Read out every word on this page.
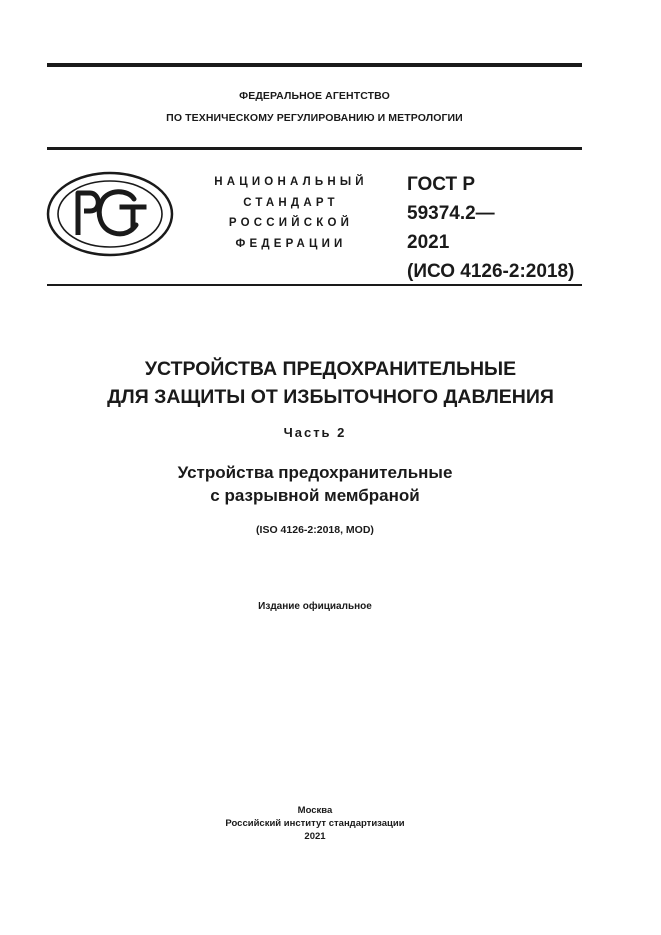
ФЕДЕРАЛЬНОЕ АГЕНТСТВО
ПО ТЕХНИЧЕСКОМУ РЕГУЛИРОВАНИЮ И МЕТРОЛОГИИ
НАЦИОНАЛЬНЫЙ
СТАНДАРТ
РОССИЙСКОЙ
ФЕДЕРАЦИИ
ГОСТ Р
59374.2—
2021
(ИСО 4126-2:2018)
УСТРОЙСТВА ПРЕДОХРАНИТЕЛЬНЫЕ
ДЛЯ ЗАЩИТЫ ОТ ИЗБЫТОЧНОГО ДАВЛЕНИЯ
Часть 2
Устройства предохранительные
с разрывной мембраной
(ISO 4126-2:2018, MOD)
Издание официальное
Москва
Российский институт стандартизации
2021
